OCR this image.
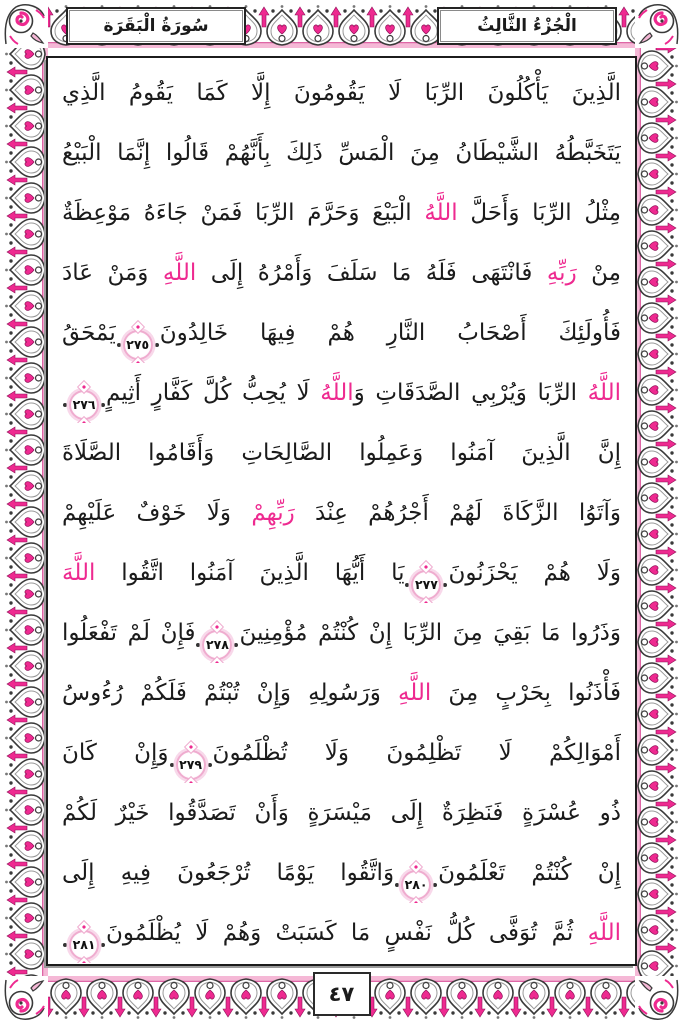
سُورَةُ الْبَقَرَة	الْجُزْءُ الثَّالِثُ
الَّذِينَ يَأْكُلُونَ الرِّبَا لَا يَقُومُونَ إِلَّا كَمَا يَقُومُ الَّذِي
يَتَخَبَّطُهُ الشَّيْطَانُ مِنَ الْمَسِّ ذَلِكَ بِأَنَّهُمْ قَالُوا إِنَّمَا الْبَيْعُ
مِثْلُ الرِّبَا وَأَحَلَّ اللَّهُ الْبَيْعَ وَحَرَّمَ الرِّبَا فَمَنْ جَاءَهُ مَوْعِظَةٌ
مِنْ رَبِّهِ فَانْتَهَى فَلَهُ مَا سَلَفَ وَأَمْرُهُ إِلَى اللَّهِ وَمَنْ عَادَ
فَأُولَئِكَ أَصْحَابُ النَّارِ هُمْ فِيهَا خَالِدُونَ
٢٧٥
يَمْحَقُ
اللَّهُ الرِّبَا وَيُرْبِي الصَّدَقَاتِ وَاللَّهُ لَا يُحِبُّ كُلَّ كَفَّارٍ أَثِيمٍ
٢٧٦
إِنَّ الَّذِينَ آمَنُوا وَعَمِلُوا الصَّالِحَاتِ وَأَقَامُوا الصَّلَاةَ
وَآتَوُا الزَّكَاةَ لَهُمْ أَجْرُهُمْ عِنْدَ رَبِّهِمْ وَلَا خَوْفٌ عَلَيْهِمْ
وَلَا هُمْ يَحْزَنُونَ
٢٧٧
يَا أَيُّهَا الَّذِينَ آمَنُوا اتَّقُوا اللَّهَ
وَذَرُوا مَا بَقِيَ مِنَ الرِّبَا إِنْ كُنْتُمْ مُؤْمِنِينَ
٢٧٨
فَإِنْ لَمْ تَفْعَلُوا
فَأْذَنُوا بِحَرْبٍ مِنَ اللَّهِ وَرَسُولِهِ وَإِنْ تُبْتُمْ فَلَكُمْ رُءُوسُ
أَمْوَالِكُمْ لَا تَظْلِمُونَ وَلَا تُظْلَمُونَ
٢٧٩
وَإِنْ كَانَ
ذُو عُسْرَةٍ فَنَظِرَةٌ إِلَى مَيْسَرَةٍ وَأَنْ تَصَدَّقُوا خَيْرٌ لَكُمْ
إِنْ كُنْتُمْ تَعْلَمُونَ
٢٨٠
وَاتَّقُوا يَوْمًا تُرْجَعُونَ فِيهِ إِلَى
اللَّهِ ثُمَّ تُوَفَّى كُلُّ نَفْسٍ مَا كَسَبَتْ وَهُمْ لَا يُظْلَمُونَ
٢٨١
٤٧
